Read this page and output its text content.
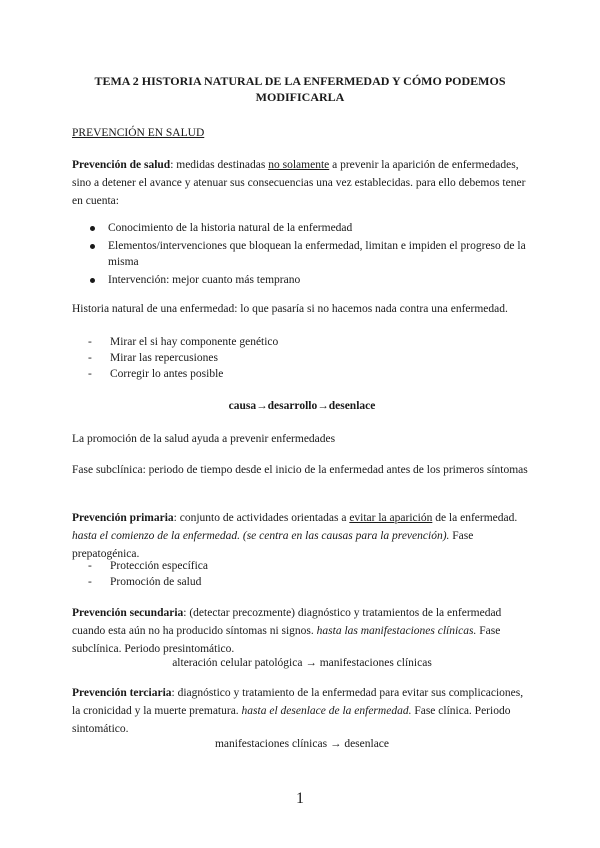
TEMA 2 HISTORIA NATURAL DE LA ENFERMEDAD Y CÓMO PODEMOS
MODIFICARLA
PREVENCIÓN EN SALUD
Prevención de salud: medidas destinadas no solamente a prevenir la aparición de enfermedades, sino a detener el avance y atenuar sus consecuencias una vez establecidas. para ello debemos tener en cuenta:
Conocimiento de la historia natural de la enfermedad
Elementos/intervenciones que bloquean la enfermedad, limitan e impiden el progreso de la misma
Intervención: mejor cuanto más temprano
Historia natural de una enfermedad: lo que pasaría si no hacemos nada contra una enfermedad.
- Mirar el si hay componente genético
- Mirar las repercusiones
- Corregir lo antes posible
causa→desarrollo→desenlace
La promoción de la salud ayuda a prevenir enfermedades
Fase subclínica: periodo de tiempo desde el inicio de la enfermedad antes de los primeros síntomas
Prevención primaria: conjunto de actividades orientadas a evitar la aparición de la enfermedad. hasta el comienzo de la enfermedad. (se centra en las causas para la prevención). Fase prepatogénica.
- Protección específica
- Promoción de salud
Prevención secundaria: (detectar precozmente) diagnóstico y tratamientos de la enfermedad cuando esta aún no ha producido síntomas ni signos. hasta las manifestaciones clínicas. Fase subclínica. Periodo presintomático.
alteración celular patológica → manifestaciones clínicas
Prevención terciaria: diagnóstico y tratamiento de la enfermedad para evitar sus complicaciones, la cronicidad y la muerte prematura. hasta el desenlace de la enfermedad. Fase clínica. Periodo sintomático.
manifestaciones clínicas → desenlace
1
